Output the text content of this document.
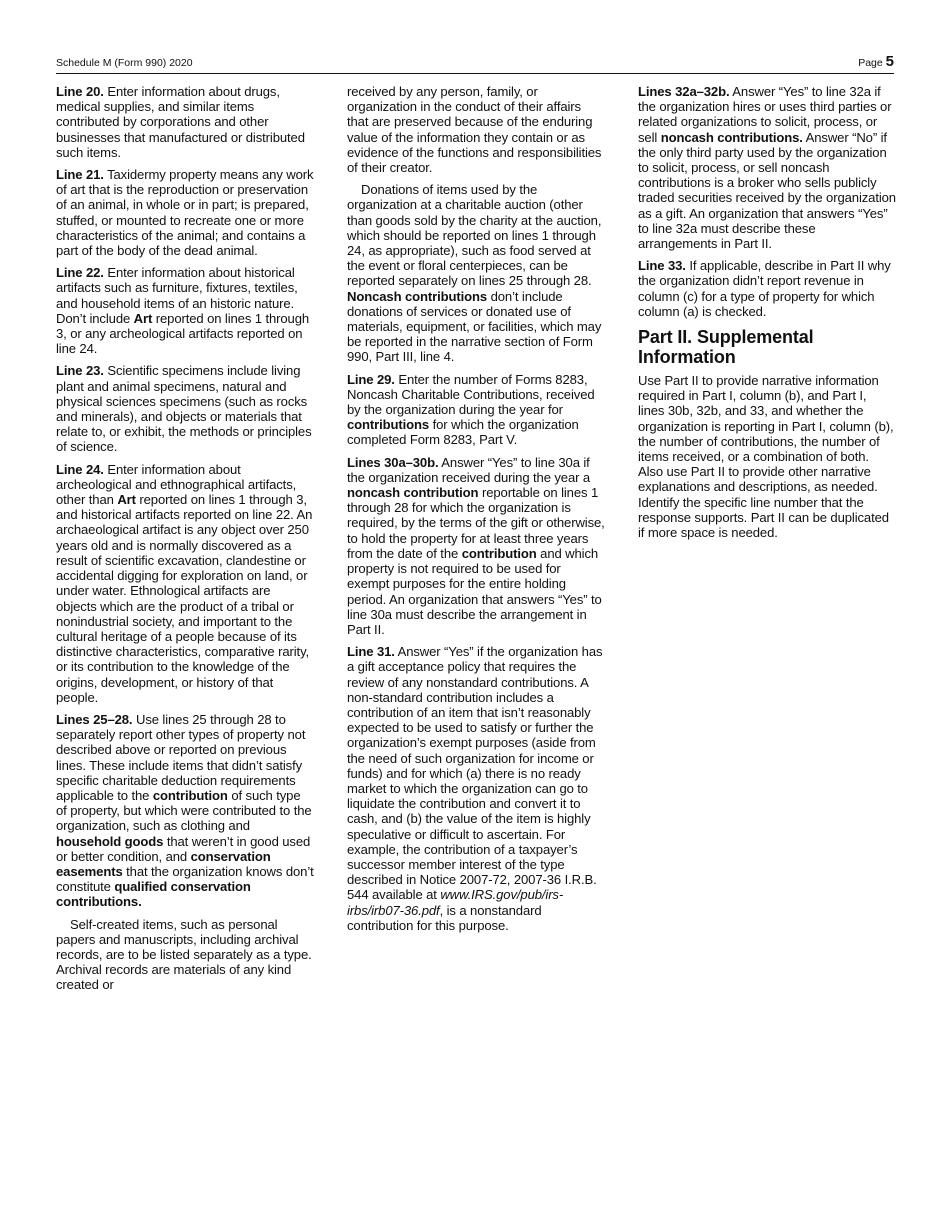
Schedule M (Form 990) 2020	Page 5

Line 20. Enter information about drugs, medical supplies, and similar items contributed by corporations and other businesses that manufactured or distributed such items.

Line 21. Taxidermy property means any work of art that is the reproduction or preservation of an animal, in whole or in part; is prepared, stuffed, or mounted to recreate one or more characteristics of the animal; and contains a part of the body of the dead animal.

Line 22. Enter information about historical artifacts such as furniture, fixtures, textiles, and household items of an historic nature. Don’t include Art reported on lines 1 through 3, or any archeological artifacts reported on line 24.

Line 23. Scientific specimens include living plant and animal specimens, natural and physical sciences specimens (such as rocks and minerals), and objects or materials that relate to, or exhibit, the methods or principles of science.

Line 24. Enter information about archeological and ethnographical artifacts, other than Art reported on lines 1 through 3, and historical artifacts reported on line 22. An archaeological artifact is any object over 250 years old and is normally discovered as a result of scientific excavation, clandestine or accidental digging for exploration on land, or under water. Ethnological artifacts are objects which are the product of a tribal or nonindustrial society, and important to the cultural heritage of a people because of its distinctive characteristics, comparative rarity, or its contribution to the knowledge of the origins, development, or history of that people.

Lines 25–28. Use lines 25 through 28 to separately report other types of property not described above or reported on previous lines. These include items that didn’t satisfy specific charitable deduction requirements applicable to the contribution of such type of property, but which were contributed to the organization, such as clothing and household goods that weren’t in good used or better condition, and conservation easements that the organization knows don’t constitute qualified conservation contributions.

Self-created items, such as personal papers and manuscripts, including archival records, are to be listed separately as a type. Archival records are materials of any kind created or

received by any person, family, or organization in the conduct of their affairs that are preserved because of the enduring value of the information they contain or as evidence of the functions and responsibilities of their creator.

Donations of items used by the organization at a charitable auction (other than goods sold by the charity at the auction, which should be reported on lines 1 through 24, as appropriate), such as food served at the event or floral centerpieces, can be reported separately on lines 25 through 28. Noncash contributions don’t include donations of services or donated use of materials, equipment, or facilities, which may be reported in the narrative section of Form 990, Part III, line 4.

Line 29. Enter the number of Forms 8283, Noncash Charitable Contributions, received by the organization during the year for contributions for which the organization completed Form 8283, Part V.

Lines 30a–30b. Answer “Yes” to line 30a if the organization received during the year a noncash contribution reportable on lines 1 through 28 for which the organization is required, by the terms of the gift or otherwise, to hold the property for at least three years from the date of the contribution and which property is not required to be used for exempt purposes for the entire holding period. An organization that answers “Yes” to line 30a must describe the arrangement in Part II.

Line 31. Answer “Yes” if the organization has a gift acceptance policy that requires the review of any nonstandard contributions. A non-standard contribution includes a contribution of an item that isn’t reasonably expected to be used to satisfy or further the organization’s exempt purposes (aside from the need of such organization for income or funds) and for which (a) there is no ready market to which the organization can go to liquidate the contribution and convert it to cash, and (b) the value of the item is highly speculative or difficult to ascertain. For example, the contribution of a taxpayer’s successor member interest of the type described in Notice 2007-72, 2007-36 I.R.B. 544 available at www.IRS.gov/pub/irs-irbs/irb07-36.pdf, is a nonstandard contribution for this purpose.

Lines 32a–32b. Answer “Yes” to line 32a if the organization hires or uses third parties or related organizations to solicit, process, or sell noncash contributions. Answer “No” if the only third party used by the organization to solicit, process, or sell noncash contributions is a broker who sells publicly traded securities received by the organization as a gift. An organization that answers “Yes” to line 32a must describe these arrangements in Part II.

Line 33. If applicable, describe in Part II why the organization didn’t report revenue in column (c) for a type of property for which column (a) is checked.

Part II. Supplemental Information

Use Part II to provide narrative information required in Part I, column (b), and Part I, lines 30b, 32b, and 33, and whether the organization is reporting in Part I, column (b), the number of contributions, the number of items received, or a combination of both. Also use Part II to provide other narrative explanations and descriptions, as needed. Identify the specific line number that the response supports. Part II can be duplicated if more space is needed.
